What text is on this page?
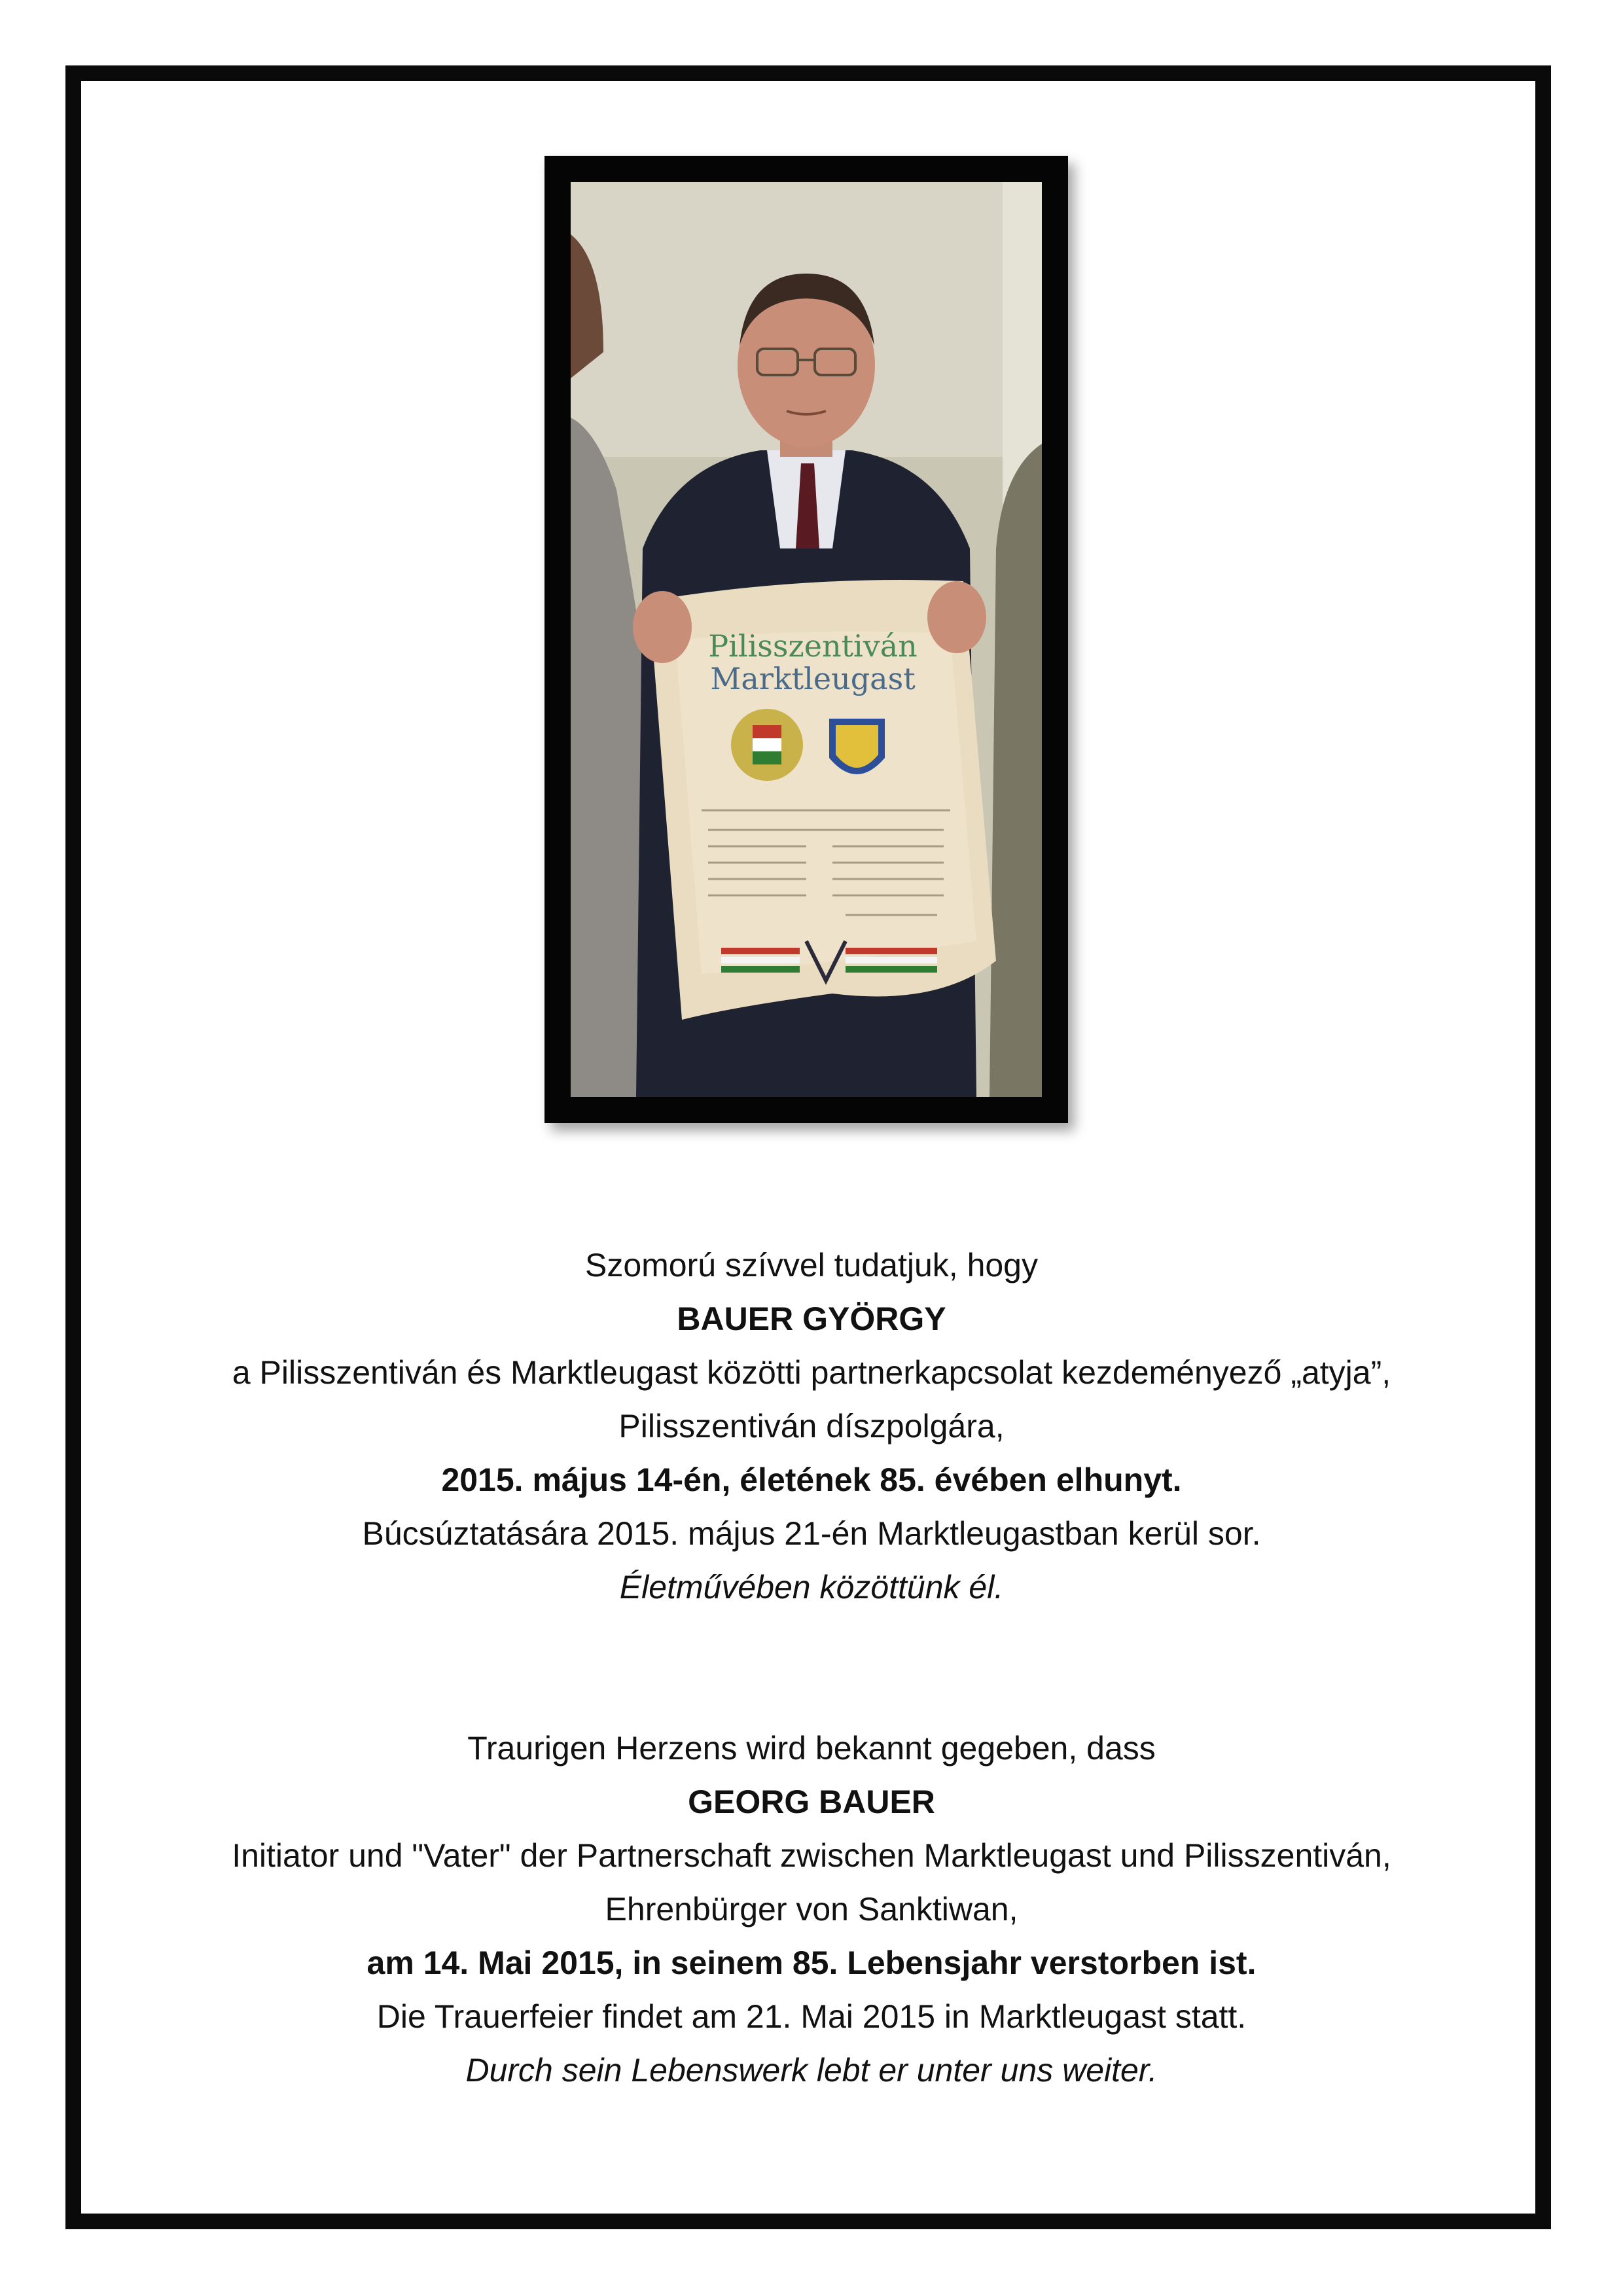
Pilisszentiván
Marktleugast
Szomorú szívvel tudatjuk, hogy
BAUER GYÖRGY
a Pilisszentiván és Marktleugast közötti partnerkapcsolat kezdeményező „atyja”,
Pilisszentiván díszpolgára,
2015. május 14-én, életének 85. évében elhunyt.
Búcsúztatására 2015. május 21-én Marktleugastban kerül sor.
Életművében közöttünk él.
Traurigen Herzens wird bekannt gegeben, dass
GEORG BAUER
Initiator und "Vater" der Partnerschaft zwischen Marktleugast und Pilisszentiván,
Ehrenbürger von Sanktiwan,
am 14. Mai 2015, in seinem 85. Lebensjahr verstorben ist.
Die Trauerfeier findet am 21. Mai 2015 in Marktleugast statt.
Durch sein Lebenswerk lebt er unter uns weiter.
